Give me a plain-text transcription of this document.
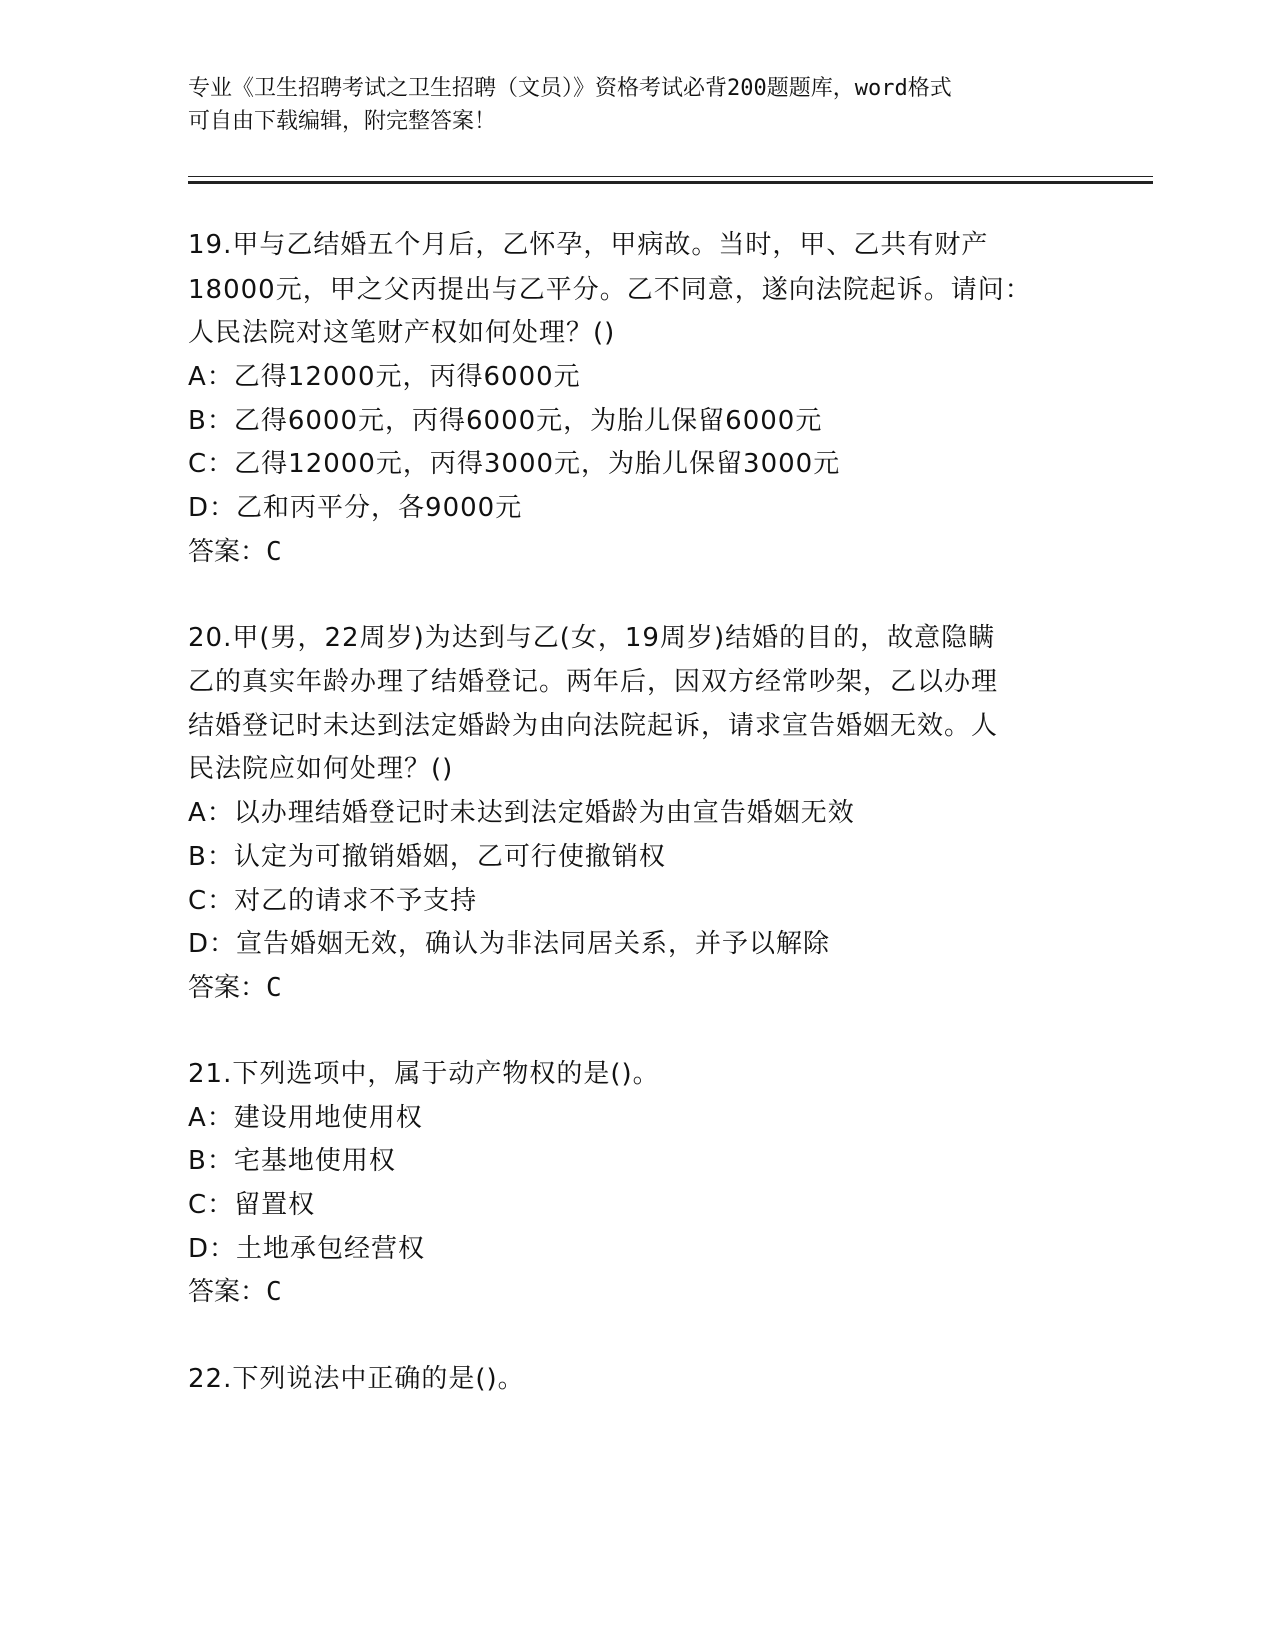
专业《卫生招聘考试之卫生招聘（文员）》资格考试必背200题题库，word格式
可自由下载编辑，附完整答案！
19.甲与乙结婚五个月后，乙怀孕，甲病故。当时，甲、乙共有财产
18000元，甲之父丙提出与乙平分。乙不同意，遂向法院起诉。请问：
人民法院对这笔财产权如何处理？()
A：乙得12000元，丙得6000元
B：乙得6000元，丙得6000元，为胎儿保留6000元
C：乙得12000元，丙得3000元，为胎儿保留3000元
D：乙和丙平分，各9000元
答案：C
20.甲(男，22周岁)为达到与乙(女，19周岁)结婚的目的，故意隐瞒
乙的真实年龄办理了结婚登记。两年后，因双方经常吵架，乙以办理
结婚登记时未达到法定婚龄为由向法院起诉，请求宣告婚姻无效。人
民法院应如何处理？()
A：以办理结婚登记时未达到法定婚龄为由宣告婚姻无效
B：认定为可撤销婚姻，乙可行使撤销权
C：对乙的请求不予支持
D：宣告婚姻无效，确认为非法同居关系，并予以解除
答案：C
21.下列选项中，属于动产物权的是()。
A：建设用地使用权
B：宅基地使用权
C：留置权
D：土地承包经营权
答案：C
22.下列说法中正确的是()。
